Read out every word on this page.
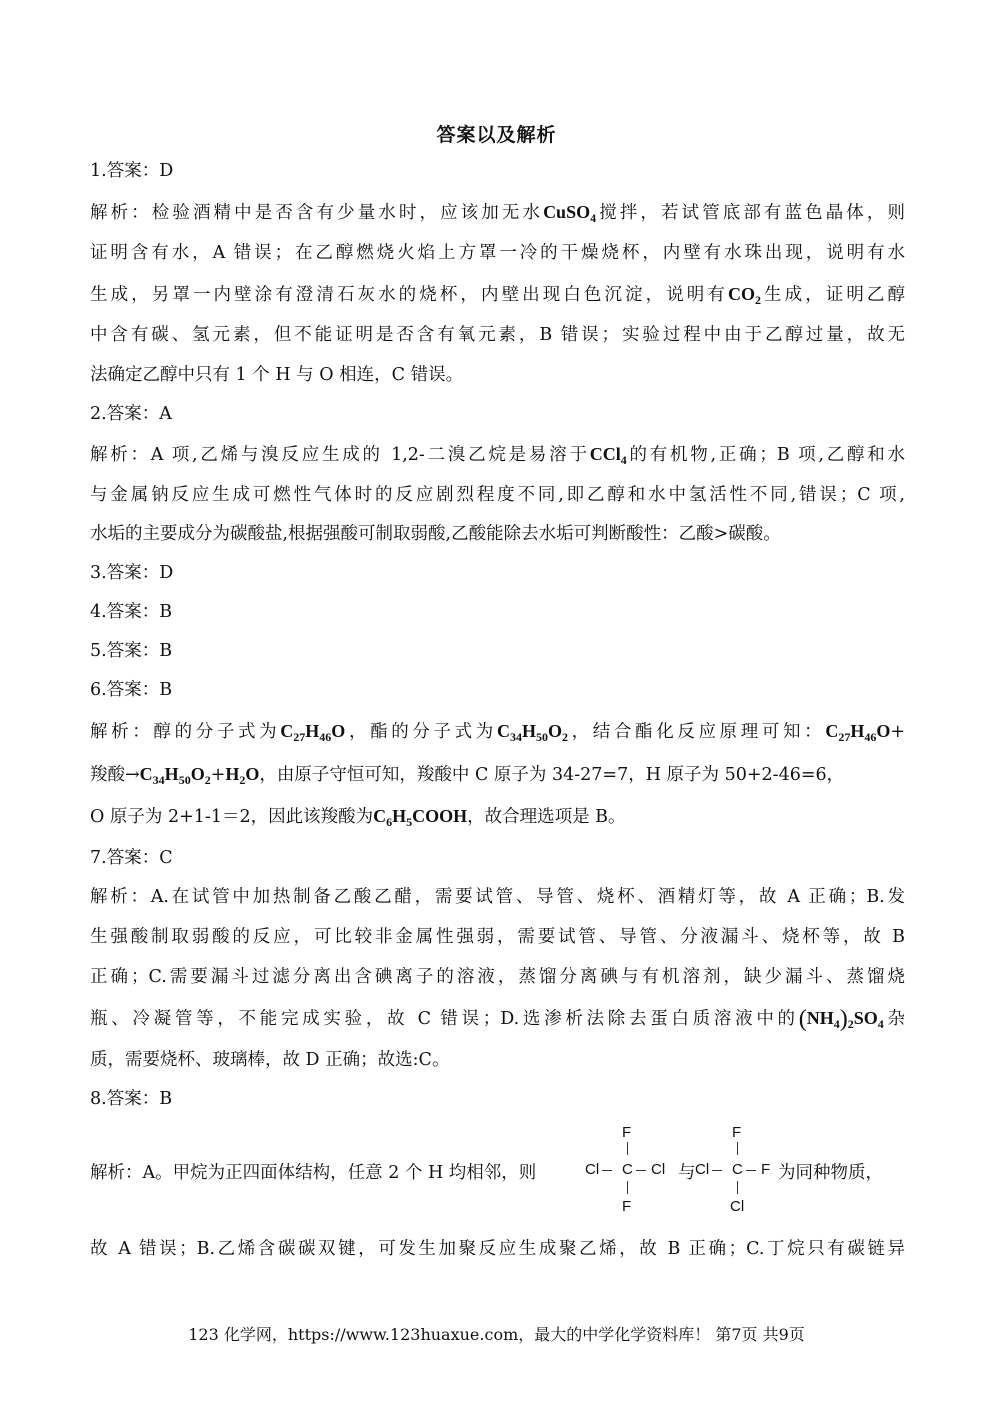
答案以及解析
1.答案：D
解析：检验酒精中是否含有少量水时，应该加无水CuSO$_4$搅拌，若试管底部有蓝色晶体，则
证明含有水，A 错误；在乙醇燃烧火焰上方罩一冷的干燥烧杯，内壁有水珠出现，说明有水
生成，另罩一内壁涂有澄清石灰水的烧杯，内壁出现白色沉淀，说明有$CO_2$生成，证明乙醇
中含有碳、氢元素，但不能证明是否含有氧元素，B 错误；实验过程中由于乙醇过量，故无
法确定乙醇中只有 1 个 H 与 O 相连，C 错误。
2.答案：A
解析：A 项,乙烯与溴反应生成的 1,2-二溴乙烷是易溶于CCl$_4$的有机物,正确；B 项,乙醇和水
与金属钠反应生成可燃性气体时的反应剧烈程度不同,即乙醇和水中氢活性不同,错误；C 项,
水垢的主要成分为碳酸盐,根据强酸可制取弱酸,乙酸能除去水垢可判断酸性：乙酸>碳酸。
3.答案：D
4.答案：B
5.答案：B
6.答案：B
解析：醇的分子式为$C_{27}H_{46}O$，酯的分子式为$C_{34}H_{50}O_2$，结合酯化反应原理可知：$C_{27}H_{46}O+$
羧酸$\to C_{34}H_{50}O_2+H_2O$，由原子守恒可知，羧酸中 C 原子为 34-27=7，H 原子为 50+2-46=6，
O 原子为 2+1-1＝2，因此该羧酸为$C_6H_5COOH$，故合理选项是 B。
7.答案：C
解析：A.在试管中加热制备乙酸乙醋，需要试管、导管、烧杯、酒精灯等，故 A 正确；B.发
生强酸制取弱酸的反应，可比较非金属性强弱，需要试管、导管、分液漏斗、烧杯等，故 B
正确；C.需要漏斗过滤分离出含碘离子的溶液，蒸馏分离碘与有机溶剂，缺少漏斗、蒸馏烧
瓶、冷凝管等，不能完成实验，故 C 错误；D.选渗析法除去蛋白质溶液中的$(NH_4)_2SO_4$杂
质，需要烧杯、玻璃棒，故 D 正确；故选:C。
8.答案：B
解析：A。甲烷为正四面体结构，任意 2 个 H 均相邻，则
F
Cl C Cl
F
与
F
Cl C F
Cl
为同种物质，
故 A 错误；B.乙烯含碳碳双键，可发生加聚反应生成聚乙烯，故 B 正确；C.丁烷只有碳链异
123 化学网，https://www.123huaxue.com，最大的中学化学资料库！ 第7页 共9页
